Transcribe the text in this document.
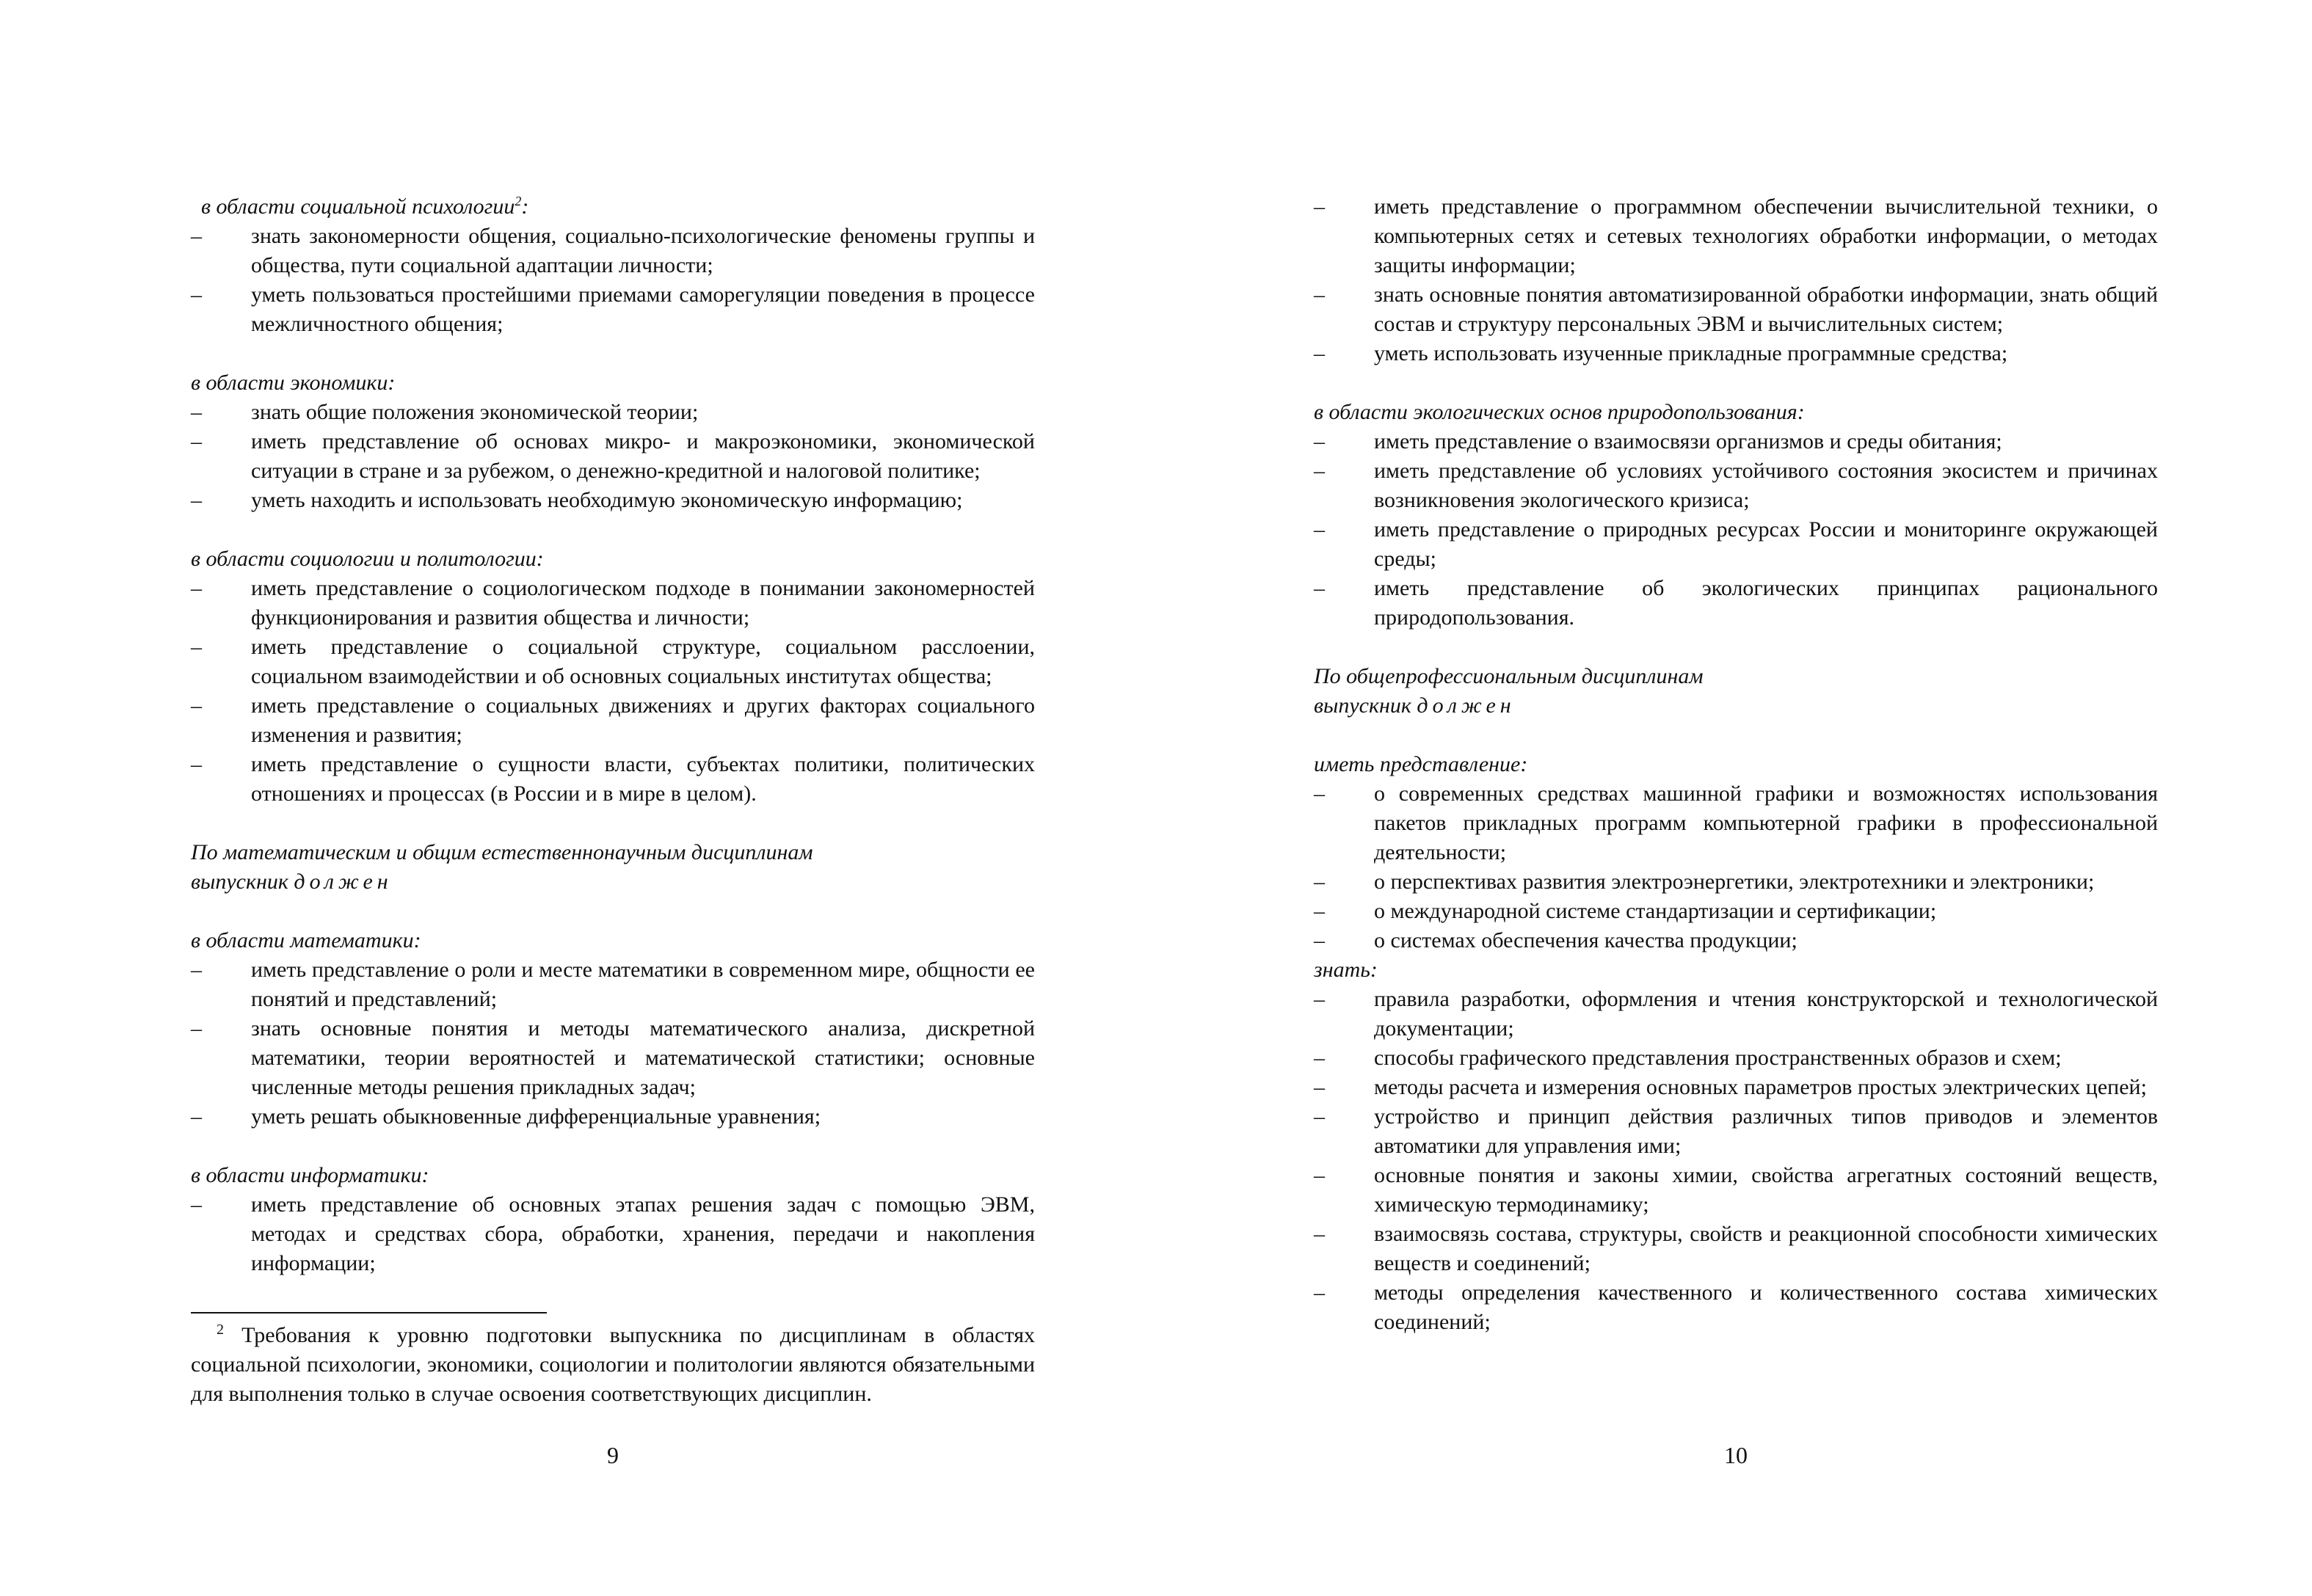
в области социальной психологии$^2$:
–	знать закономерности общения, социально-психологические феномены группы и общества, пути социальной адаптации личности;
–	уметь пользоваться простейшими приемами саморегуляции поведения в процессе межличностного общения;
в области экономики:
–	знать общие положения экономической теории;
–	иметь представление об основах микро- и макроэкономики, экономической ситуации в стране и за рубежом, о денежно-кредитной и налоговой политике;
–	уметь находить и использовать необходимую экономическую информацию;
в области социологии и политологии:
–	иметь представление о социологическом подходе в понимании закономерностей функционирования и развития общества и личности;
–	иметь представление о социальной структуре, социальном расслоении, социальном взаимодействии и об основных социальных институтах общества;
–	иметь представление о социальных движениях и других факторах социального изменения и развития;
–	иметь представление о сущности власти, субъектах политики, политических отношениях и процессах (в России и в мире в целом).
По математическим и общим естественнонаучным дисциплинам
выпускник должен
в области математики:
–	иметь представление о роли и месте математики в современном мире, общности ее понятий и представлений;
–	знать основные понятия и методы математического анализа, дискретной математики, теории вероятностей и математической статистики; основные численные методы решения прикладных задач;
–	уметь решать обыкновенные дифференциальные уравнения;
в области информатики:
–	иметь представление об основных этапах решения задач с помощью ЭВМ, методах и средствах сбора, обработки, хранения, передачи и накопления информации;
$^2$ Требования к уровню подготовки выпускника по дисциплинам в областях социальной психологии, экономики, социологии и политологии являются обязательными для выполнения только в случае освоения соответствующих дисциплин.
9
–	иметь представление о программном обеспечении вычислительной техники, о компьютерных сетях и сетевых технологиях обработки информации, о методах защиты информации;
–	знать основные понятия автоматизированной обработки информации, знать общий состав и структуру персональных ЭВМ и вычислительных систем;
–	уметь использовать изученные прикладные программные средства;
в области экологических основ природопользования:
–	иметь представление о взаимосвязи организмов и среды обитания;
–	иметь представление об условиях устойчивого состояния экосистем и причинах возникновения экологического кризиса;
–	иметь представление о природных ресурсах России и мониторинге окружающей среды;
–	иметь представление об экологических принципах рационального природопользования.
По общепрофессиональным дисциплинам
выпускник должен
иметь представление:
–	о современных средствах машинной графики и возможностях использования пакетов прикладных программ компьютерной графики в профессиональной деятельности;
–	о перспективах развития электроэнергетики, электротехники и электроники;
–	о международной системе стандартизации и сертификации;
–	о системах обеспечения качества продукции;
знать:
–	правила разработки, оформления и чтения конструкторской и технологической документации;
–	способы графического представления пространственных образов и схем;
–	методы расчета и измерения основных параметров простых электрических цепей;
–	устройство и принцип действия различных типов приводов и элементов автоматики для управления ими;
–	основные понятия и законы химии, свойства агрегатных состояний веществ, химическую термодинамику;
–	взаимосвязь состава, структуры, свойств и реакционной способности химических веществ и соединений;
–	методы определения качественного и количественного состава химических соединений;
10
